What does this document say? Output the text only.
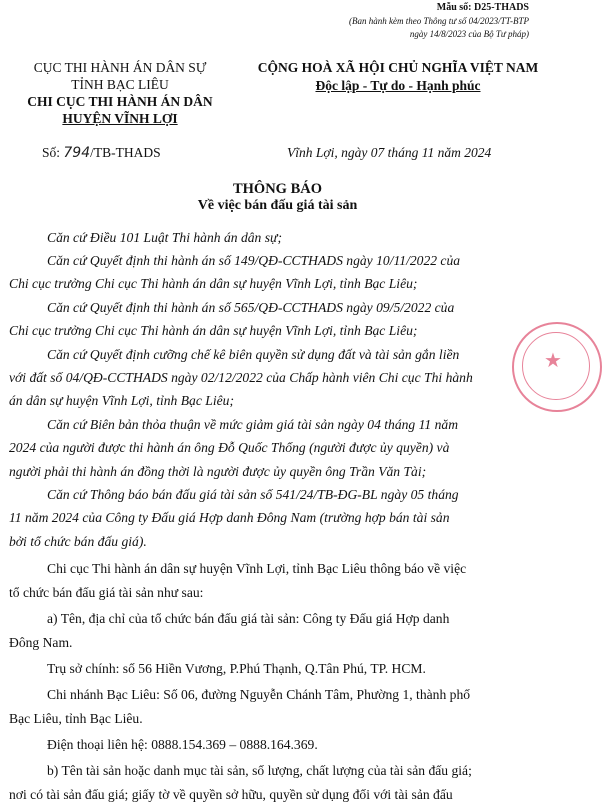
Mẫu số: D25-THADS
(Ban hành kèm theo Thông tư số 04/2023/TT-BTP
ngày 14/8/2023 của Bộ Tư pháp)
CỤC THI HÀNH ÁN DÂN SỰ
TỈNH BẠC LIÊU
CHI CỤC THI HÀNH ÁN DÂN
HUYỆN VĨNH LỢI
CỘNG HOÀ XÃ HỘI CHỦ NGHĨA VIỆT NAM
Độc lập - Tự do - Hạnh phúc
Số: 794/TB-THADS	Vĩnh Lợi, ngày 07 tháng 11 năm 2024
THÔNG BÁO
Về việc bán đấu giá tài sản
Căn cứ Điều 101 Luật Thi hành án dân sự;
Căn cứ Quyết định thi hành án số 149/QĐ-CCTHADS ngày 10/11/2022 của
Chi cục trưởng Chi cục Thi hành án dân sự huyện Vĩnh Lợi, tỉnh Bạc Liêu;
Căn cứ Quyết định thi hành án số 565/QĐ-CCTHADS ngày 09/5/2022 của
Chi cục trưởng Chi cục Thi hành án dân sự huyện Vĩnh Lợi, tỉnh Bạc Liêu;
Căn cứ Quyết định cưỡng chế kê biên quyền sử dụng đất và tài sản gắn liền
với đất số 04/QĐ-CCTHADS ngày 02/12/2022 của Chấp hành viên Chi cục Thi hành
án dân sự huyện Vĩnh Lợi, tỉnh Bạc Liêu;
Căn cứ Biên bản thỏa thuận về mức giảm giá tài sản ngày 04 tháng 11 năm
2024 của người được thi hành án ông Đỗ Quốc Thống (người được ủy quyền) và
người phải thi hành án đồng thời là người được ủy quyền ông Trần Văn Tài;
Căn cứ Thông báo bán đấu giá tài sản số 541/24/TB-ĐG-BL ngày 05 tháng
11 năm 2024 của Công ty Đấu giá Hợp danh Đông Nam (trường hợp bán tài sản
bởi tổ chức bán đấu giá).
Chi cục Thi hành án dân sự huyện Vĩnh Lợi, tỉnh Bạc Liêu thông báo về việc
tổ chức bán đấu giá tài sản như sau:
a) Tên, địa chỉ của tổ chức bán đấu giá tài sản: Công ty Đấu giá Hợp danh
Đông Nam.
Trụ sở chính: số 56 Hiền Vương, P.Phú Thạnh, Q.Tân Phú, TP. HCM.
Chi nhánh Bạc Liêu: Số 06, đường Nguyễn Chánh Tâm, Phường 1, thành phố
Bạc Liêu, tỉnh Bạc Liêu.
Điện thoại liên hệ: 0888.154.369 – 0888.164.369.
b) Tên tài sản hoặc danh mục tài sản, số lượng, chất lượng của tài sản đấu giá;
nơi có tài sản đấu giá; giấy tờ về quyền sở hữu, quyền sử dụng đối với tài sản đấu
★
